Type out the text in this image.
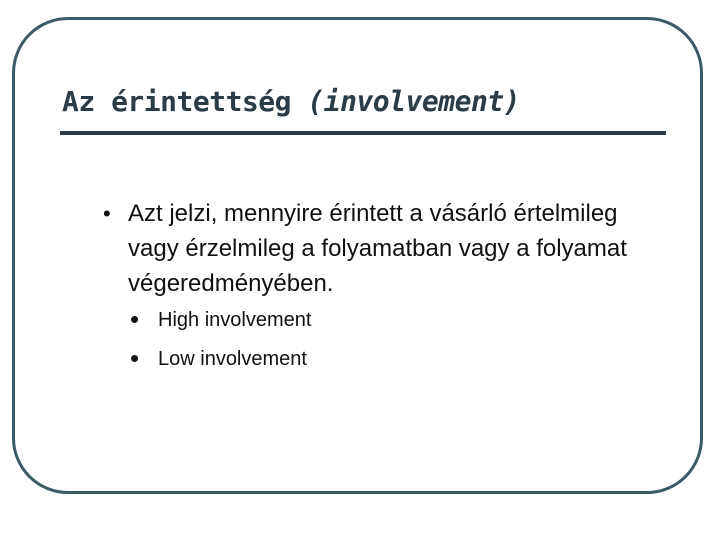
Az érintettség (involvement)
• Azt jelzi, mennyire érintett a vásárló értelmileg vagy érzelmileg a folyamatban vagy a folyamat végeredményében.
• High involvement
• Low involvement
